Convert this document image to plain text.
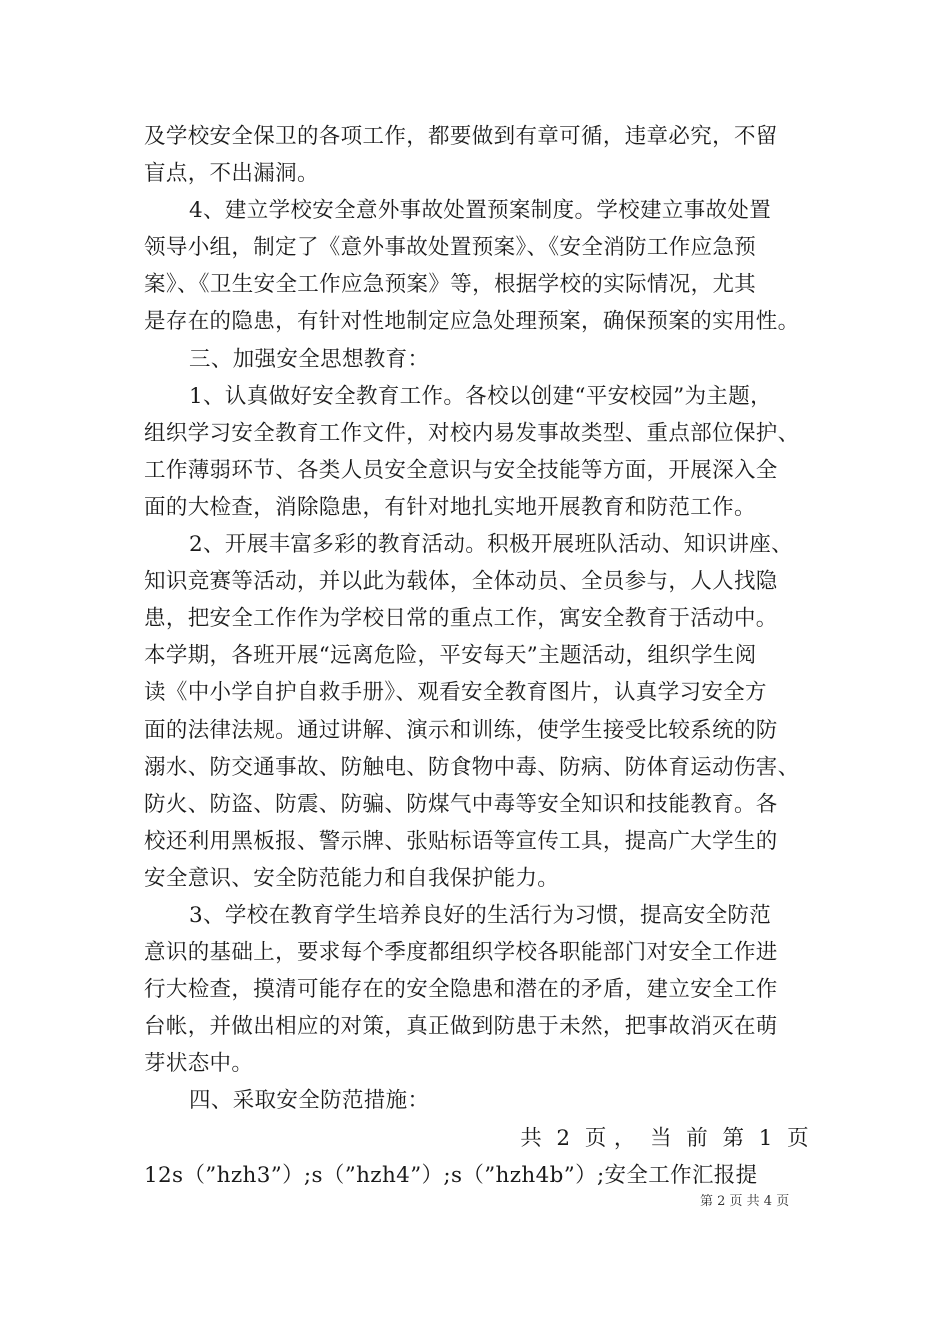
及学校安全保卫的各项工作，都要做到有章可循，违章必究，不留
盲点，不出漏洞。
4、建立学校安全意外事故处置预案制度。学校建立事故处置
领导小组，制定了《意外事故处置预案》、《安全消防工作应急预
案》、《卫生安全工作应急预案》等，根据学校的实际情况，尤其
是存在的隐患，有针对性地制定应急处理预案，确保预案的实用性。
三、加强安全思想教育：
1、认真做好安全教育工作。各校以创建“平安校园”为主题，
组织学习安全教育工作文件，对校内易发事故类型、重点部位保护、
工作薄弱环节、各类人员安全意识与安全技能等方面，开展深入全
面的大检查，消除隐患，有针对地扎实地开展教育和防范工作。
2、开展丰富多彩的教育活动。积极开展班队活动、知识讲座、
知识竞赛等活动，并以此为载体，全体动员、全员参与，人人找隐
患，把安全工作作为学校日常的重点工作，寓安全教育于活动中。
本学期，各班开展“远离危险，平安每天”主题活动，组织学生阅
读《中小学自护自救手册》、观看安全教育图片，认真学习安全方
面的法律法规。通过讲解、演示和训练，使学生接受比较系统的防
溺水、防交通事故、防触电、防食物中毒、防病、防体育运动伤害、
防火、防盗、防震、防骗、防煤气中毒等安全知识和技能教育。各
校还利用黑板报、警示牌、张贴标语等宣传工具，提高广大学生的
安全意识、安全防范能力和自我保护能力。
3、学校在教育学生培养良好的生活行为习惯，提高安全防范
意识的基础上，要求每个季度都组织学校各职能部门对安全工作进
行大检查，摸清可能存在的安全隐患和潜在的矛盾，建立安全工作
台帐，并做出相应的对策，真正做到防患于未然，把事故消灭在萌
芽状态中。
四、采取安全防范措施：
共  2  页 ，  当  前  第  1  页
12s（”hzh3”）;s（”hzh4”）;s（”hzh4b”）;安全工作汇报提
第 2 页 共 4 页
